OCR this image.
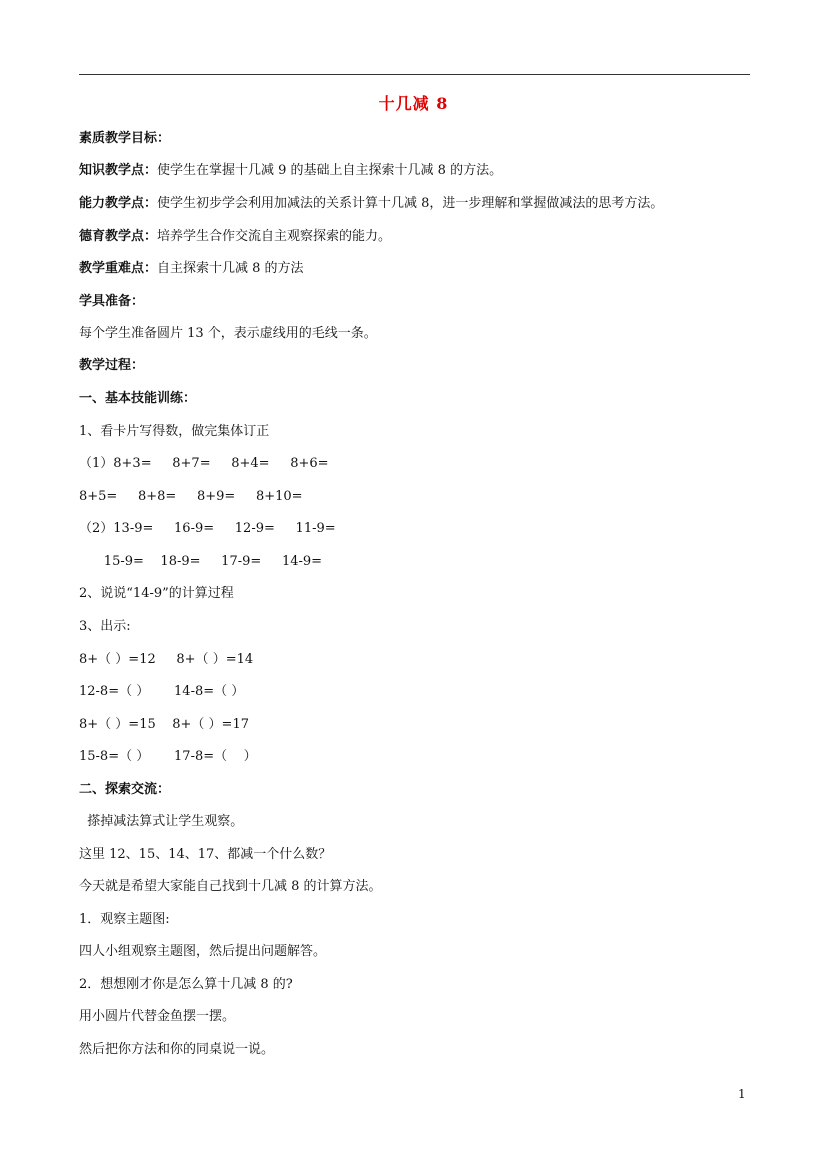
十几减 8
素质教学目标：
知识教学点：使学生在掌握十几减 9 的基础上自主探索十几减 8 的方法。
能力教学点：使学生初步学会利用加减法的关系计算十几减 8，进一步理解和掌握做减法的思考方法。
德育教学点：培养学生合作交流自主观察探索的能力。
教学重难点：自主探索十几减 8 的方法
学具准备：
每个学生准备圆片 13 个，表示虚线用的毛线一条。
教学过程：
一、基本技能训练：
1、看卡片写得数，做完集体订正
（1）8+3=     8+7=     8+4=     8+6=
8+5=     8+8=     8+9=     8+10=
（2）13-9=     16-9=     12-9=     11-9=
15-9=    18-9=     17-9=     14-9=
2、说说“14-9”的计算过程
3、出示:
8+（ ）=12     8+（ ）=14
12-8=（ ）      14-8=（ ）
8+（ ）=15    8+（ ）=17
15-8=（ ）      17-8=（    ）
二、探索交流：
搽掉减法算式让学生观察。
这里 12、15、14、17、都减一个什么数？
今天就是希望大家能自己找到十几减 8 的计算方法。
1．观察主题图:
四人小组观察主题图，然后提出问题解答。
2．想想刚才你是怎么算十几减 8 的?
用小圆片代替金鱼摆一摆。
然后把你方法和你的同桌说一说。
1
